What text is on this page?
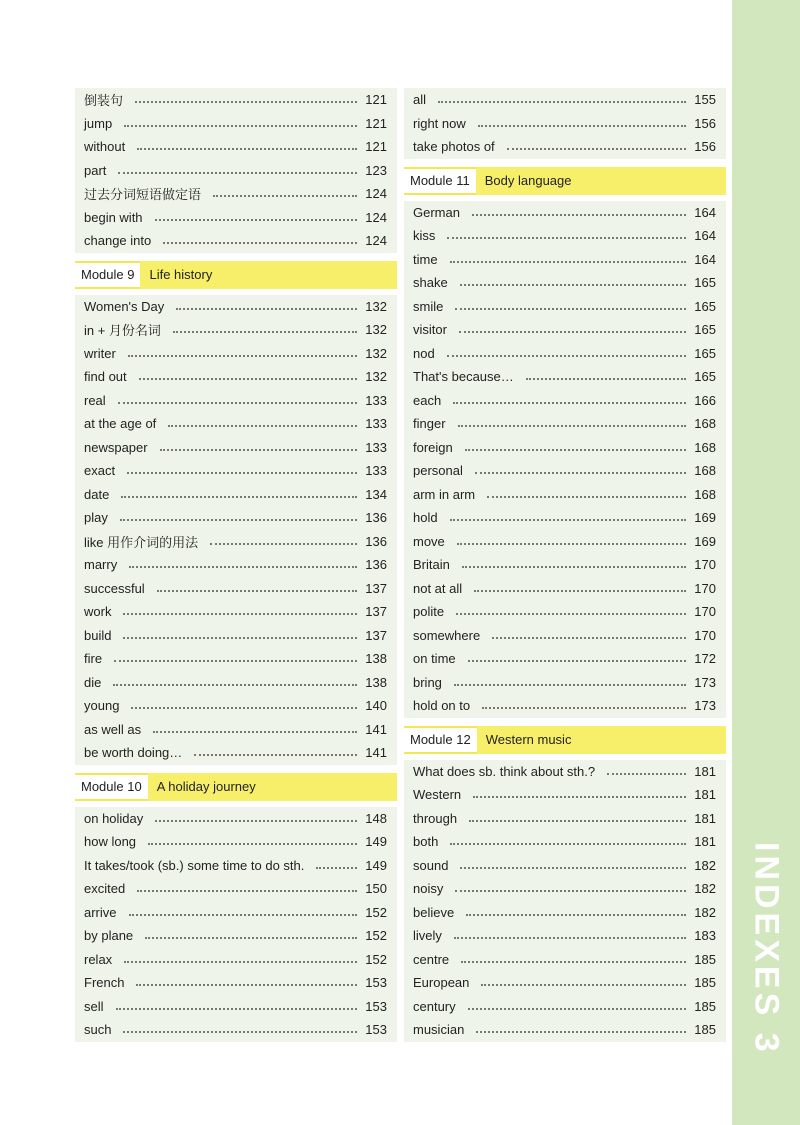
倒装句	121
jump	121
without	121
part	123
过去分词短语做定语	124
begin with	124
change into	124
Module 9	Life history
Women's Day	132
in + 月份名词	132
writer	132
find out	132
real	133
at the age of	133
newspaper	133
exact	133
date	134
play	136
like 用作介词的用法	136
marry	136
successful	137
work	137
build	137
fire	138
die	138
young	140
as well as	141
be worth doing…	141
Module 10	A holiday journey
on holiday	148
how long	149
It takes/took (sb.) some time to do sth.	149
excited	150
arrive	152
by plane	152
relax	152
French	153
sell	153
such	153
all	155
right now	156
take photos of	156
Module 11	Body language
German	164
kiss	164
time	164
shake	165
smile	165
visitor	165
nod	165
That's because…	165
each	166
finger	168
foreign	168
personal	168
arm in arm	168
hold	169
move	169
Britain	170
not at all	170
polite	170
somewhere	170
on time	172
bring	173
hold on to	173
Module 12	Western music
What does sb. think about sth.?	181
Western	181
through	181
both	181
sound	182
noisy	182
believe	182
lively	183
centre	185
European	185
century	185
musician	185 INDEXES 3
